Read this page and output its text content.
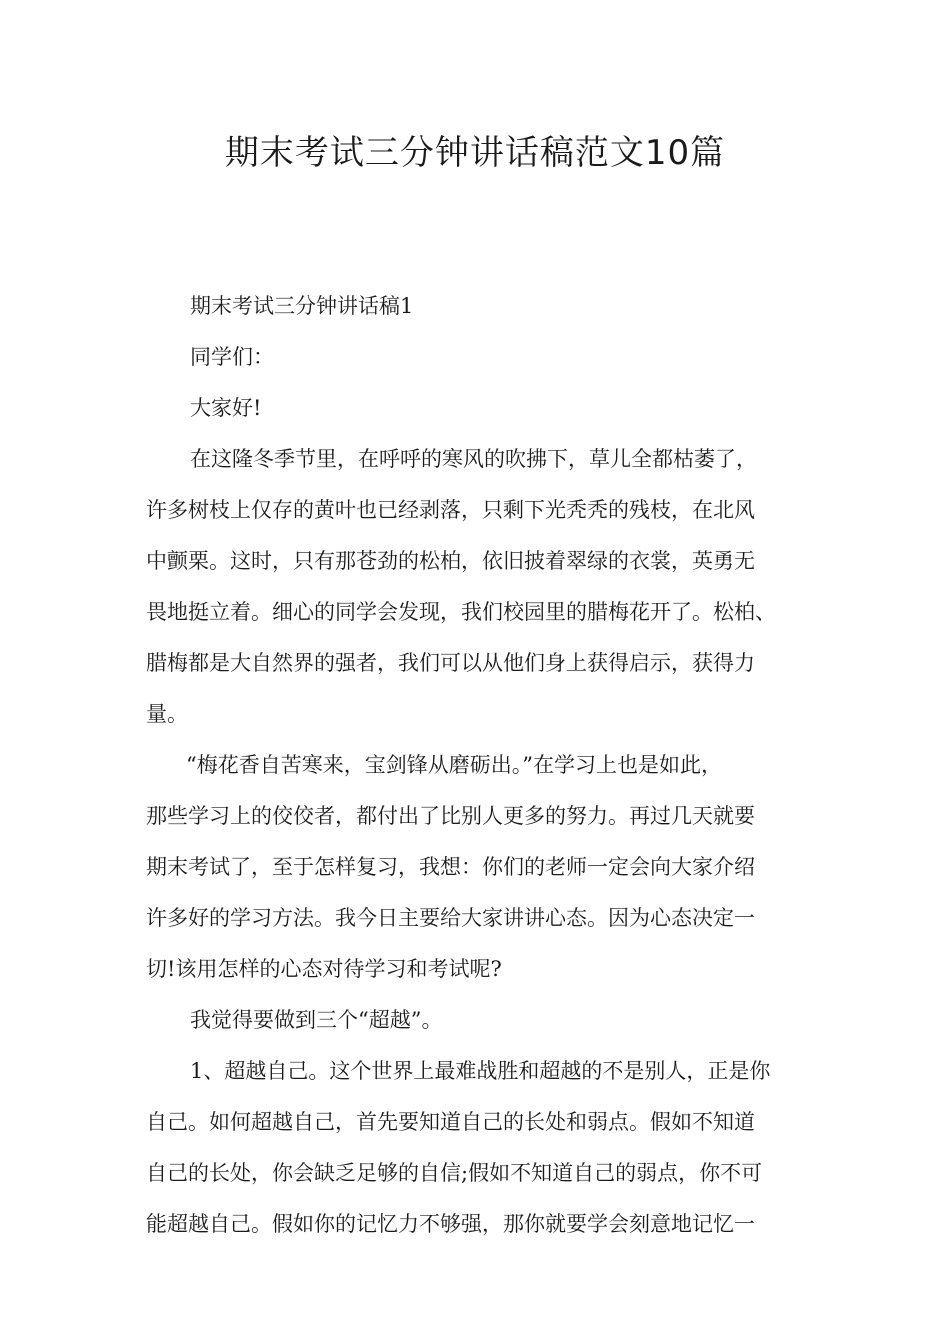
期末考试三分钟讲话稿范文10篇
期末考试三分钟讲话稿1
同学们：
大家好!
在这隆冬季节里，在呼呼的寒风的吹拂下，草儿全都枯萎了，
许多树枝上仅存的黄叶也已经剥落，只剩下光秃秃的残枝，在北风
中颤栗。这时，只有那苍劲的松柏，依旧披着翠绿的衣裳，英勇无
畏地挺立着。细心的同学会发现，我们校园里的腊梅花开了。松柏、
腊梅都是大自然界的强者，我们可以从他们身上获得启示，获得力
量。
“梅花香自苦寒来，宝剑锋从磨砺出。”在学习上也是如此，
那些学习上的佼佼者，都付出了比别人更多的努力。再过几天就要
期末考试了，至于怎样复习，我想：你们的老师一定会向大家介绍
许多好的学习方法。我今日主要给大家讲讲心态。因为心态决定一
切!该用怎样的心态对待学习和考试呢?
我觉得要做到三个“超越”。
1、超越自己。这个世界上最难战胜和超越的不是别人，正是你
自己。如何超越自己，首先要知道自己的长处和弱点。假如不知道
自己的长处，你会缺乏足够的自信;假如不知道自己的弱点，你不可
能超越自己。假如你的记忆力不够强，那你就要学会刻意地记忆一
